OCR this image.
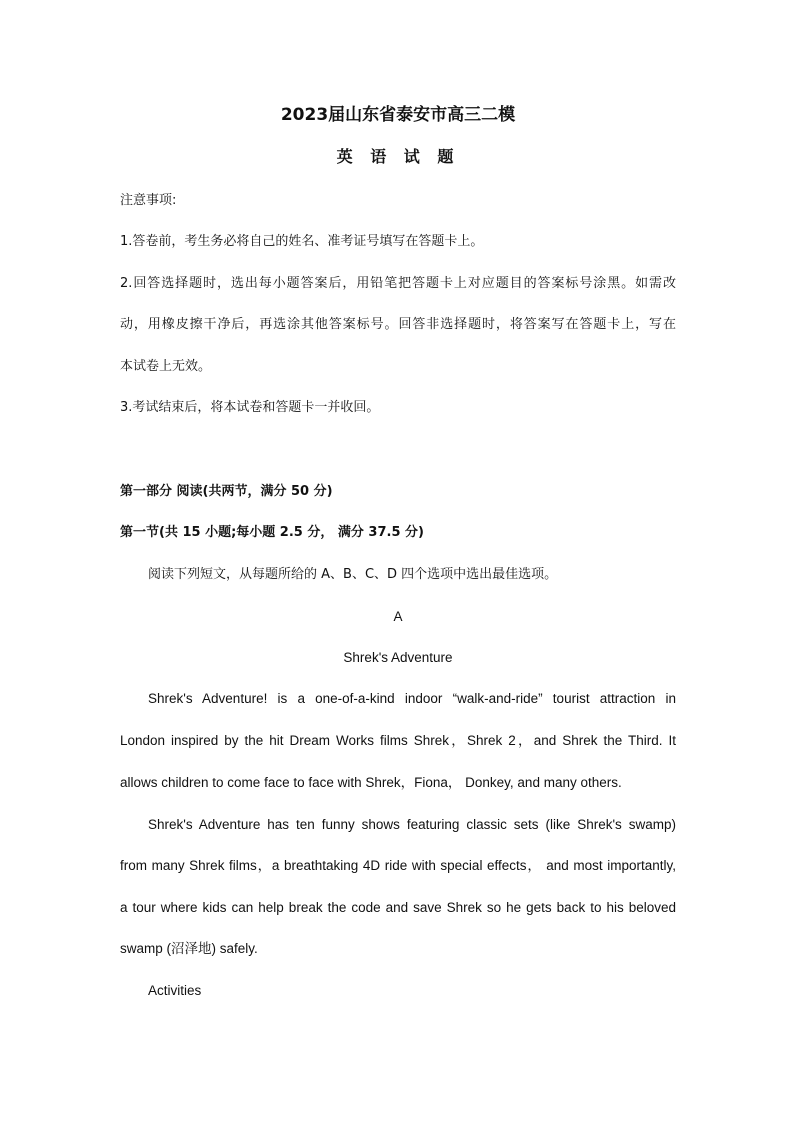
2023届山东省泰安市高三二模
英 语 试 题
注意事项:
1.答卷前，考生务必将自己的姓名、准考证号填写在答题卡上。
2.回答选择题时，选出每小题答案后，用铅笔把答题卡上对应题目的答案标号涂黑。如需改
动，用橡皮擦干净后，再选涂其他答案标号。回答非选择题时，将答案写在答题卡上，写在
本试卷上无效。
3.考试结束后，将本试卷和答题卡一并收回。
第一部分 阅读(共两节，满分 50 分)
第一节(共 15 小题;每小题 2.5 分， 满分 37.5 分)
阅读下列短文，从每题所给的 A、B、C、D 四个选项中选出最佳选项。
A
Shrek's Adventure
Shrek's Adventure! is a one-of-a-kind indoor “walk-and-ride” tourist attraction in
London inspired by the hit Dream Works films Shrek，Shrek 2，and Shrek the Third. It
allows children to come face to face with Shrek，Fiona， Donkey, and many others.
Shrek's Adventure has ten funny shows featuring classic sets (like Shrek's swamp)
from many Shrek films，a breathtaking 4D ride with special effects， and most importantly,
a tour where kids can help break the code and save Shrek so he gets back to his beloved
swamp (沼泽地) safely.
Activities
